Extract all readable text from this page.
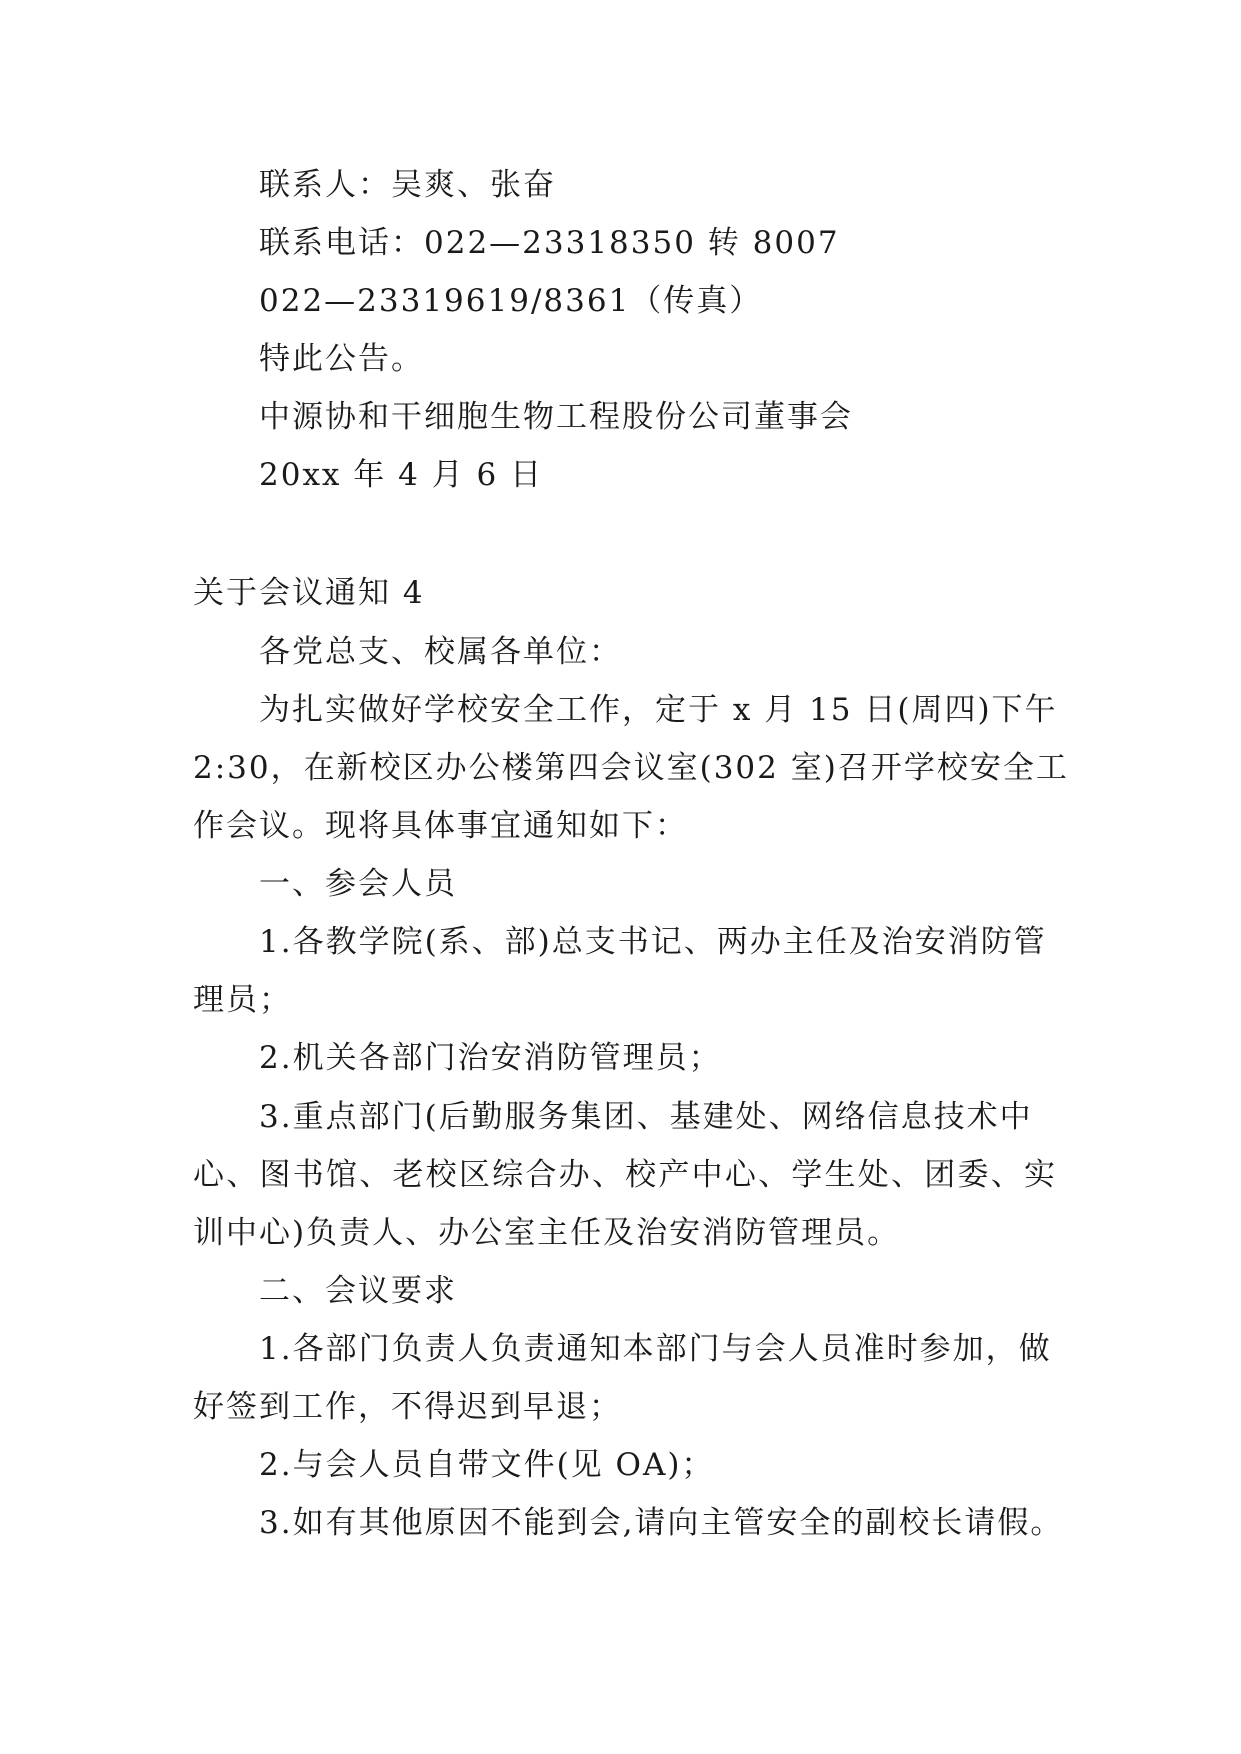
联系人：吴爽、张奋
联系电话：022—23318350 转 8007
022—23319619/8361（传真）
特此公告。
中源协和干细胞生物工程股份公司董事会
20xx 年 4 月 6 日
关于会议通知 4
各党总支、校属各单位：
为扎实做好学校安全工作，定于 x 月 15 日(周四)下午
2:30，在新校区办公楼第四会议室(302 室)召开学校安全工
作会议。现将具体事宜通知如下：
一、参会人员
1.各教学院(系、部)总支书记、两办主任及治安消防管
理员；
2.机关各部门治安消防管理员；
3.重点部门(后勤服务集团、基建处、网络信息技术中
心、图书馆、老校区综合办、校产中心、学生处、团委、实
训中心)负责人、办公室主任及治安消防管理员。
二、会议要求
1.各部门负责人负责通知本部门与会人员准时参加，做
好签到工作，不得迟到早退；
2.与会人员自带文件(见 OA)；
3.如有其他原因不能到会,请向主管安全的副校长请假。
